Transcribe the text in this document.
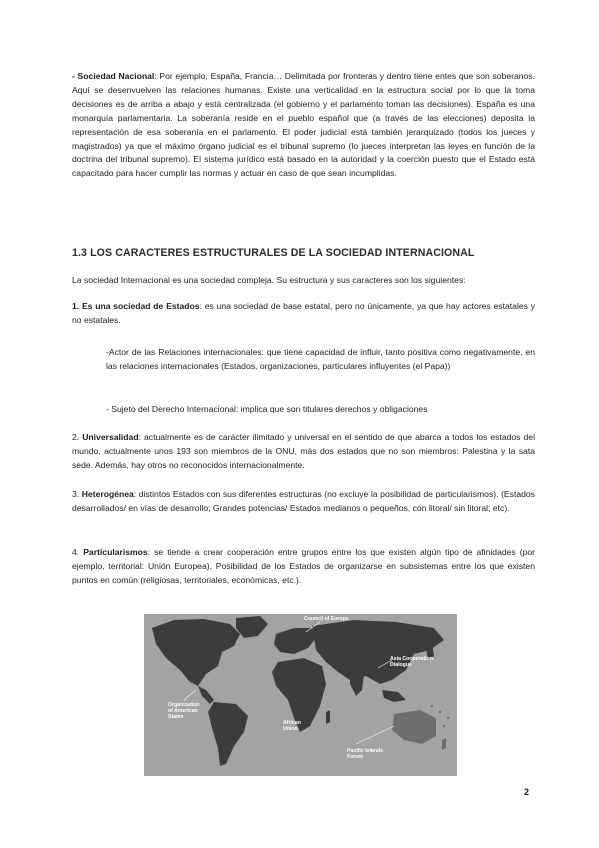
- Sociedad Nacional: Por ejemplo, España, Francia… Delimitada por fronteras y dentro tiene entes que son soberanos. Aquí se desenvuelven las relaciones humanas. Existe una verticalidad en la estructura social por lo que la toma decisiones es de arriba a abajo y está centralizada (el gobierno y el parlamento toman las decisiones). España es una monarquía parlamentaria. La soberanía reside en el pueblo español que (a través de las elecciones) deposita la representación de esa soberanía en el parlamento. El poder judicial está también jerarquizado (todos los jueces y magistrados) ya que el máximo órgano judicial es el tribunal supremo (lo jueces interpretan las leyes en función de la doctrina del tribunal supremo). El sistema jurídico está basado en la autoridad y la coerción puesto que el Estado está capacitado para hacer cumplir las normas y actuar en caso de que sean incumplidas.

1.3 LOS CARACTERES ESTRUCTURALES DE LA SOCIEDAD INTERNACIONAL

La sociedad Internacional es una sociedad compleja. Su estructura y sus caracteres son los siguientes:

1. Es una sociedad de Estados: es una sociedad de base estatal, pero no únicamente, ya que hay actores estatales y no estatales.

-Actor de las Relaciones internacionales: que tiene capacidad de influir, tanto positiva como negativamente, en las relaciones internacionales (Estados, organizaciones, particulares influyentes (el Papa))

- Sujeto del Derecho Internacional: implica que son titulares derechos y obligaciones

2. Universalidad: actualmente es de carácter ilimitado y universal en el sentido de que abarca a todos los estados del mundo, actualmente unos 193 son miembros de la ONU, más dos estados que no son miembros: Palestina y la sata sede. Además, hay otros no reconocidos internacionalmente.

3. Heterogénea: distintos Estados con sus diferentes estructuras (no excluye la posibilidad de particularismos). (Estados desarrollados/ en vías de desarrollo; Grandes potencias/ Estados medianos o pequeños, con litoral/ sin litoral; etc).

4. Particularismos: se tiende a crear cooperación entre grupos entre los que existen algún tipo de afinidades (por ejemplo, territorial: Unión Europea). Posibilidad de los Estados de organizarse en subsistemas entre los que existen puntos en común (religiosas, territoriales, económicas, etc.).

Council of Europe
Asia Cooperation
Dialogue
Organization
of American
States
African
Union
Pacific Islands
Forum
2
